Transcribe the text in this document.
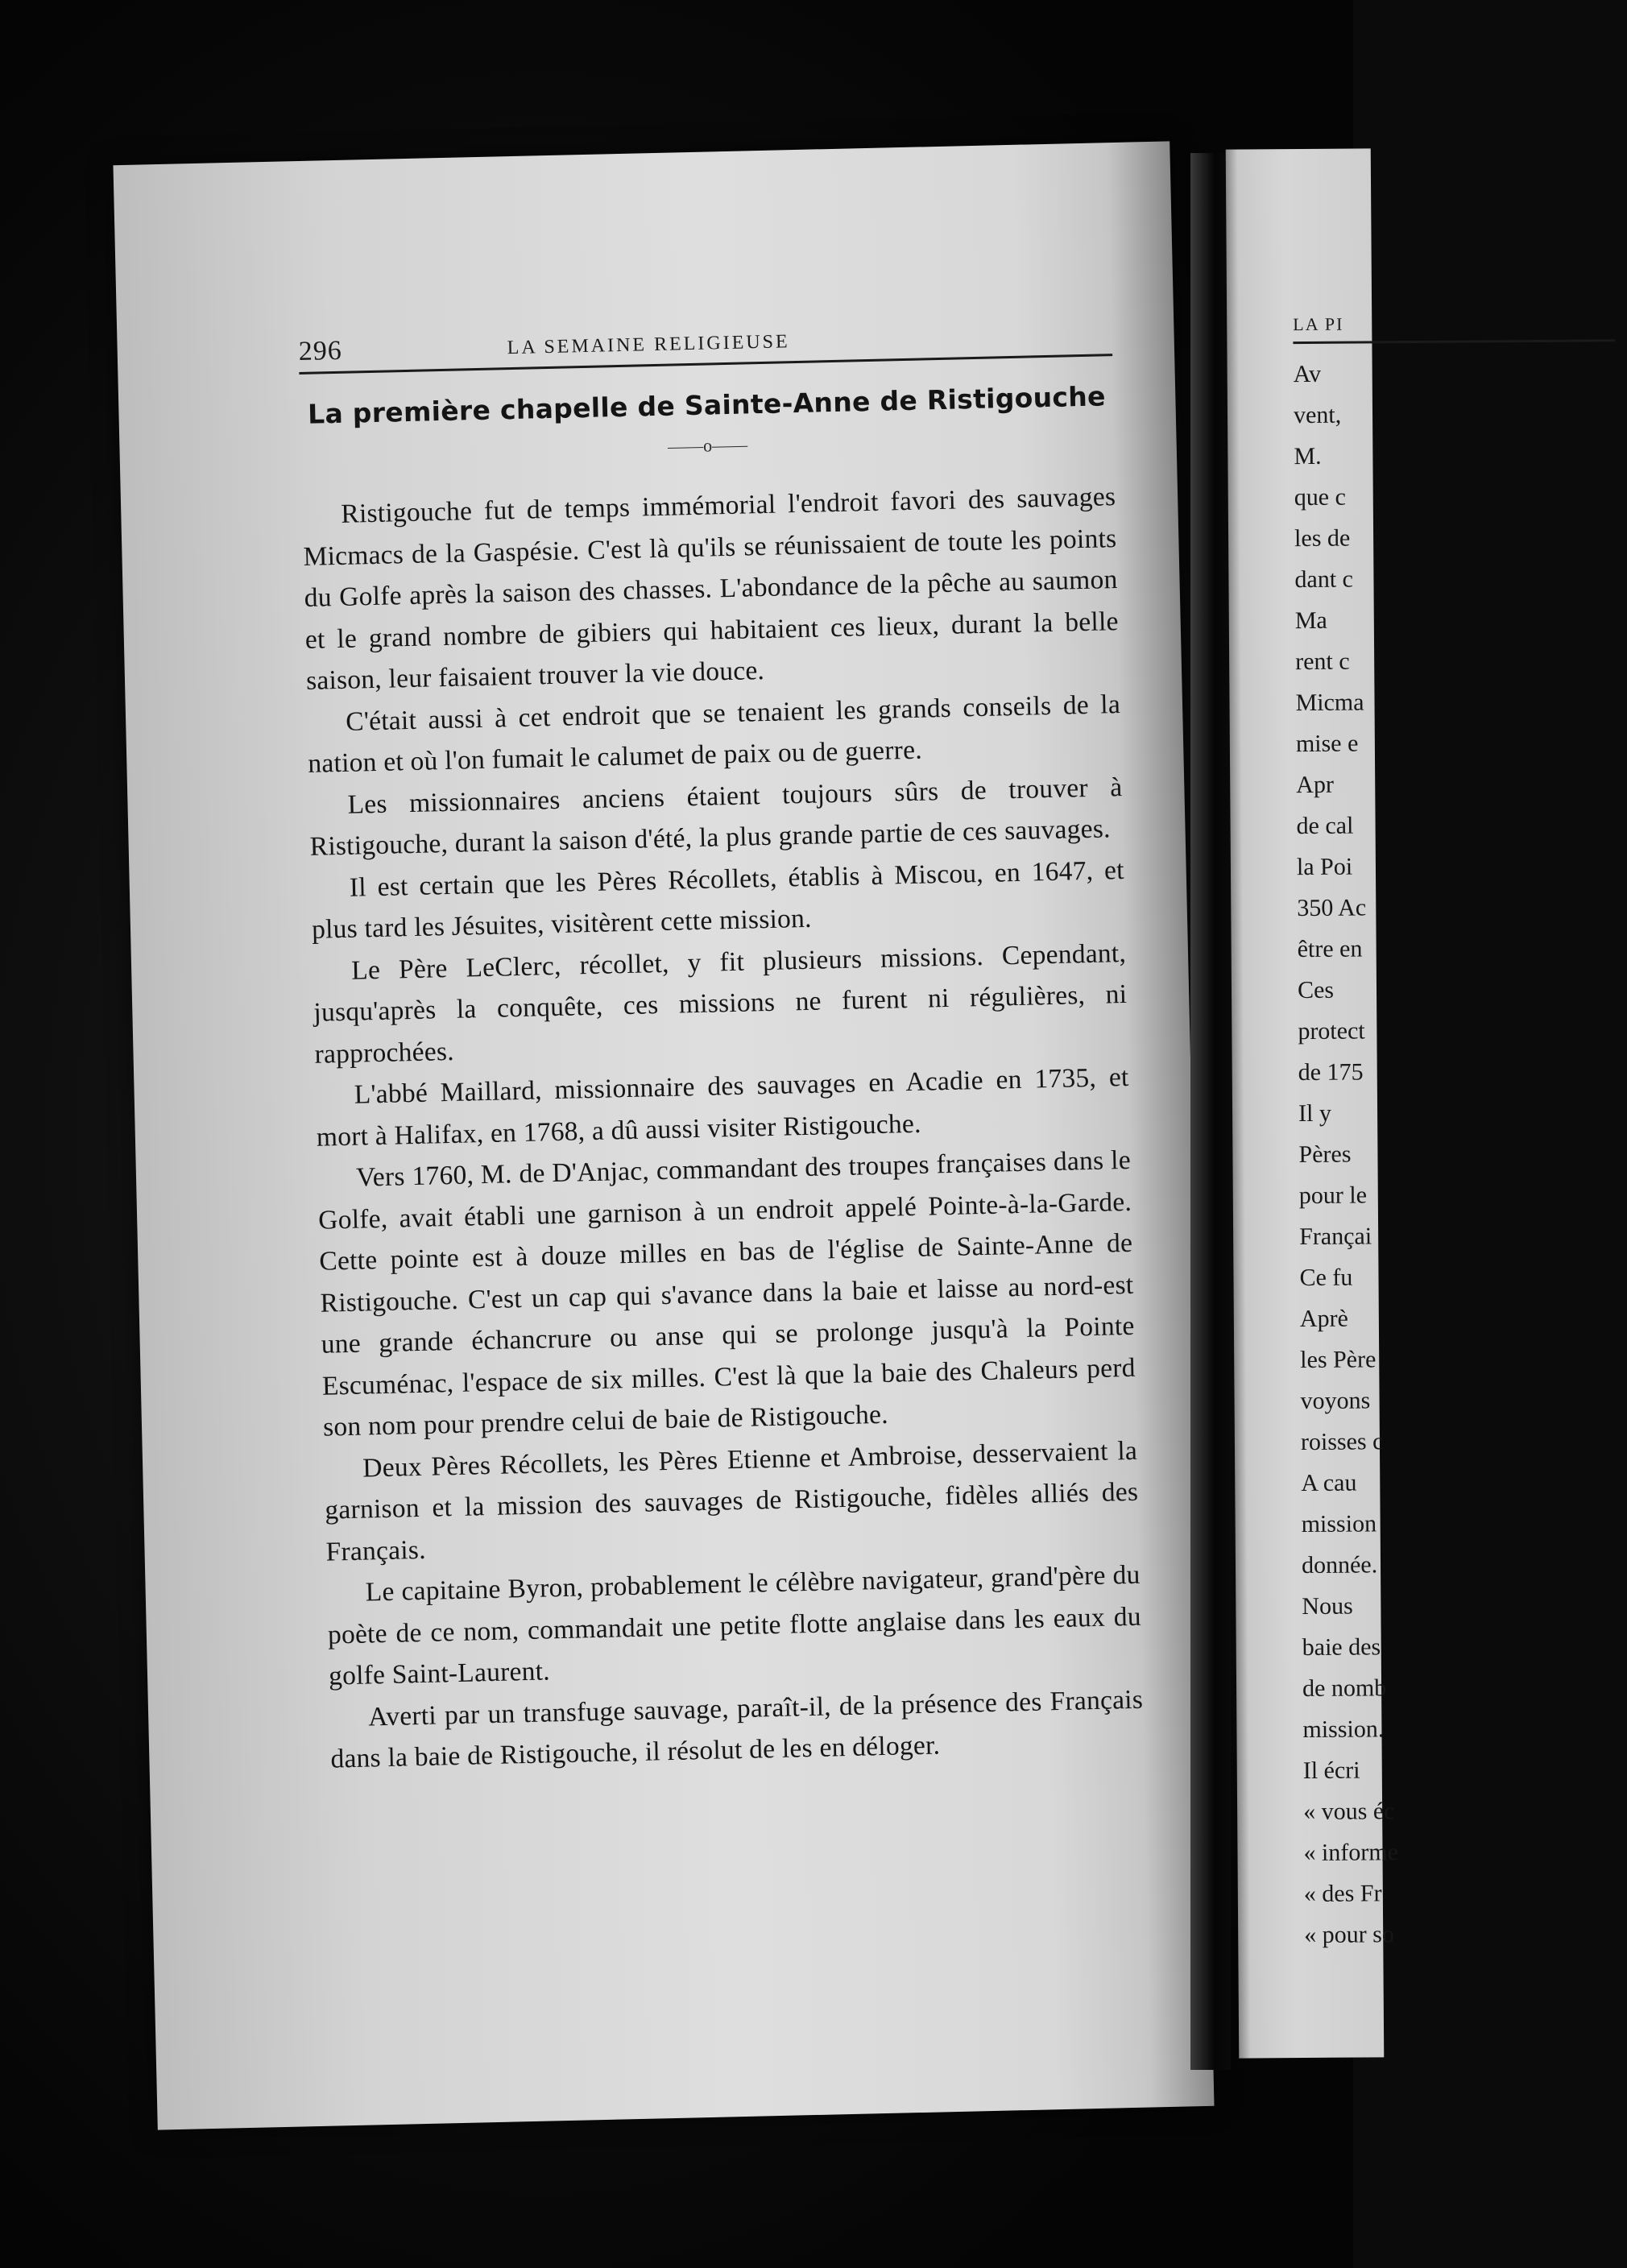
296	LA SEMAINE RELIGIEUSE
La première chapelle de Sainte-Anne de Ristigouche
——o——

Ristigouche fut de temps immémorial l'endroit favori des sauvages Micmacs de la Gaspésie. C'est là qu'ils se réunissaient de toute les points du Golfe après la saison des chasses. L'abondance de la pêche au saumon et le grand nombre de gibiers qui habitaient ces lieux, durant la belle saison, leur faisaient trouver la vie douce.

C'était aussi à cet endroit que se tenaient les grands conseils de la nation et où l'on fumait le calumet de paix ou de guerre.

Les missionnaires anciens étaient toujours sûrs de trouver à Ristigouche, durant la saison d'été, la plus grande partie de ces sauvages.

Il est certain que les Pères Récollets, établis à Miscou, en 1647, et plus tard les Jésuites, visitèrent cette mission.

Le Père LeClerc, récollet, y fit plusieurs missions. Cependant, jusqu'après la conquête, ces missions ne furent ni régulières, ni rapprochées.

L'abbé Maillard, missionnaire des sauvages en Acadie en 1735, et mort à Halifax, en 1768, a dû aussi visiter Ristigouche.

Vers 1760, M. de D'Anjac, commandant des troupes françaises dans le Golfe, avait établi une garnison à un endroit appelé Pointe-à-la-Garde. Cette pointe est à douze milles en bas de l'église de Sainte-Anne de Ristigouche. C'est un cap qui s'avance dans la baie et laisse au nord-est une grande échancrure ou anse qui se prolonge jusqu'à la Pointe Escuménac, l'espace de six milles. C'est là que la baie des Chaleurs perd son nom pour prendre celui de baie de Ristigouche.

Deux Pères Récollets, les Pères Etienne et Ambroise, desservaient la garnison et la mission des sauvages de Ristigouche, fidèles alliés des Français.

Le capitaine Byron, probablement le célèbre navigateur, grand'père du poète de ce nom, commandait une petite flotte anglaise dans les eaux du golfe Saint-Laurent.

Averti par un transfuge sauvage, paraît-il, de la présence des Français dans la baie de Ristigouche, il résolut de les en déloger.

LA PI
Av
vent,
M.
que c
les de
dant c
Ma
rent c
Micma
mise e
Apr
de cal
la Poi
350 Ac
être en
Ces
protect
de 175
Il y
Pères
pour le
Françai
Ce fu
Aprè
les Père
voyons
roisses c
A cau
mission
donnée.
Nous
baie des
de nomb
mission.
Il écri
« vous éc
« informe
« des Fr
« pour so
